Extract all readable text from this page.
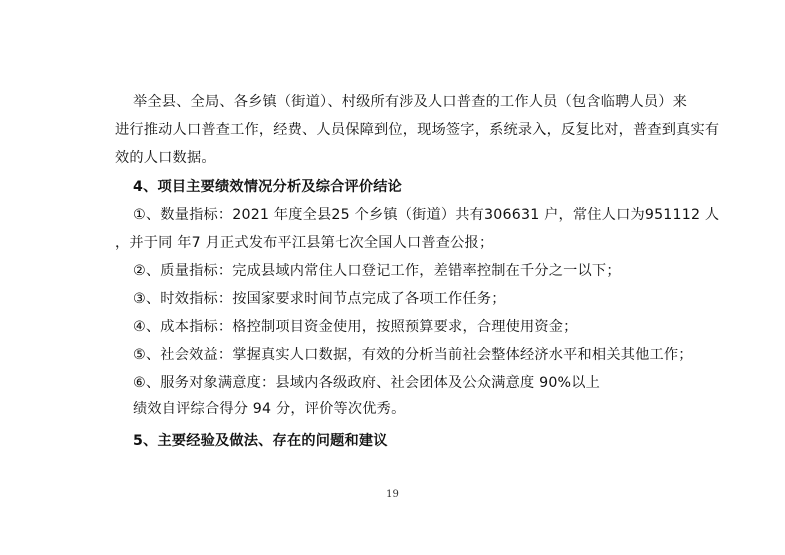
举全县、全局、各乡镇（街道）、村级所有涉及人口普查的工作人员（包含临聘人员）来
进行推动人口普查工作，经费、人员保障到位，现场签字，系统录入，反复比对，普查到真实有
效的人口数据。
4、项目主要绩效情况分析及综合评价结论
①、数量指标：2021 年度全县25 个乡镇（街道）共有306631 户，常住人口为951112 人
，并于同 年7 月正式发布平江县第七次全国人口普查公报；
②、质量指标：完成县域内常住人口登记工作，差错率控制在千分之一以下；
③、时效指标：按国家要求时间节点完成了各项工作任务；
④、成本指标：格控制项目资金使用，按照预算要求，合理使用资金；
⑤、社会效益：掌握真实人口数据，有效的分析当前社会整体经济水平和相关其他工作；
⑥、服务对象满意度：县域内各级政府、社会团体及公众满意度 90%以上
绩效自评综合得分 94 分，评价等次优秀。
5、主要经验及做法、存在的问题和建议
19
